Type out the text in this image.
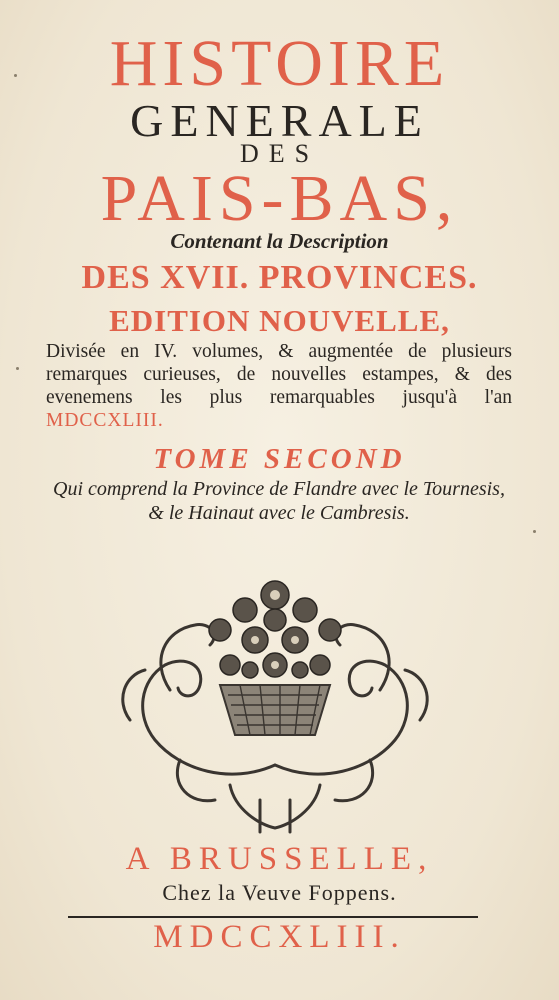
HISTOIRE
GENERALE
DES
PAIS-BAS,
Contenant la Description
DES XVII. PROVINCES.
EDITION NOUVELLE,
Divisée en IV. volumes, & augmentée de plusieurs remarques curieuses, de nouvelles estampes, & des evenemens les plus remarquables jusqu'à l'an MDCCXLIII.
TOME SECOND
Qui comprend la Province de Flandre avec le Tournesis, & le Hainaut avec le Cambresis.
A BRUSSELLE,
Chez la Veuve Foppens.
MDCCXLIII.
